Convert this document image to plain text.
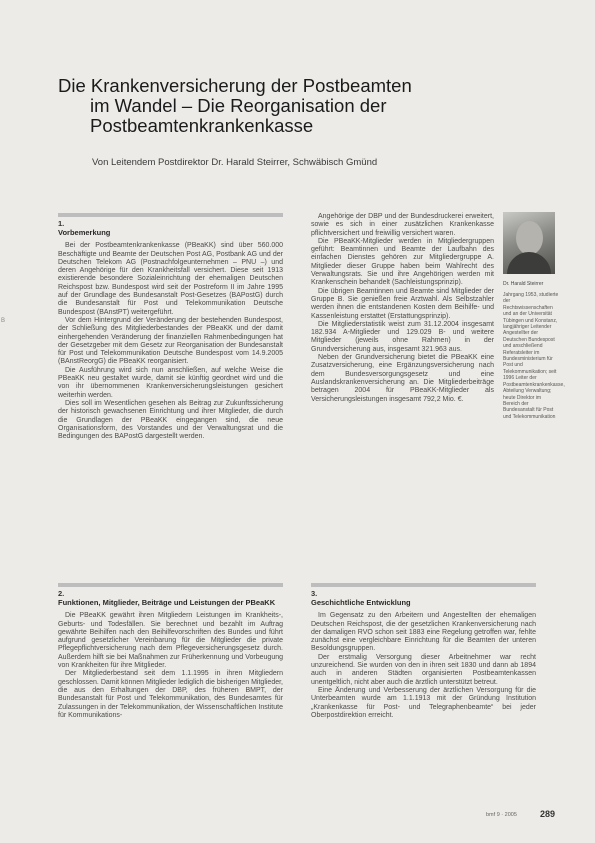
Die Krankenversicherung der Postbeamten
im Wandel – Die Reorganisation der
Postbeamtenkrankenkasse
Von Leitendem Postdirektor Dr. Harald Steirrer, Schwäbisch Gmünd
1.
Vorbemerkung

Bei der Postbeamtenkrankenkasse (PBeaKK) sind über 560.000 Beschäftigte und Beamte der Deutschen Post AG, Postbank AG und der Deutschen Telekom AG (Postnachfolgeunternehmen – PNU –) und deren Angehörige für den Krankheitsfall versichert. Diese seit 1913 existierende besondere Sozialeinrichtung der ehemaligen Deutschen Reichspost bzw. Bundespost wird seit der Postreform II im Jahre 1995 auf der Grundlage des Bundesanstalt Post-Gesetzes (BAPostG) durch die Bundesanstalt für Post und Telekommunikation Deutsche Bundespost (BAnstPT) weitergeführt.

Vor dem Hintergrund der Veränderung der bestehenden Bundespost, der Schließung des Mitgliederbestandes der PBeaKK und der damit einhergehenden Veränderung der finanziellen Rahmenbedingungen hat der Gesetzgeber mit dem Gesetz zur Reorganisation der Bundesanstalt für Post und Telekommunikation Deutsche Bundespost vom 14.9.2005 (BAnstReorgG) die PBeaKK reorganisiert.

Die Ausführung wird sich nun anschließen, auf welche Weise die PBeaKK neu gestaltet wurde, damit sie künftig geordnet wird und die von ihr übernommenen Krankenversicherungsleistungen gesichert weiterhin werden.

Dies soll im Wesentlichen gesehen als Beitrag zur Zukunftssicherung der historisch gewachsenen Einrichtung und ihrer Mitglieder, die durch die Grundlagen der PBeaKK eingegangen sind, die neue Organisationsform, des Vorstandes und der Verwaltungsrat und die Bedingungen des BAPostG dargestellt werden.

Angehörige der DBP und der Bundesdruckerei erweitert, sowie es sich in einer zusätzlichen Krankenkasse pflichtversichert und freiwillig versichert waren.

Die PBeaKK-Mitglieder werden in Mitgliedergruppen geführt: Beamtinnen und Beamte der Laufbahn des einfachen Dienstes gehören zur Mitgliedergruppe A. Mitglieder dieser Gruppe haben beim Wahlrecht des Verwaltungsrats. Sie und ihre Angehörigen werden mit Krankenschein behandelt (Sachleistungsprinzip).

Die übrigen Beamtinnen und Beamte sind Mitglieder der Gruppe B. Sie genießen freie Arztwahl. Als Selbstzahler werden ihnen die entstandenen Kosten dem Beihilfe- und Kassenleistung erstattet (Erstattungsprinzip).

Die Mitgliederstatistik weist zum 31.12.2004 insgesamt 182.934 A-Mitglieder und 129.029 B- und weitere Mitglieder (jeweils ohne Rahmen) in der Grundversicherung aus, insgesamt 321.963 aus.

Neben der Grundversicherung bietet die PBeaKK eine Zusatzversicherung, eine Ergänzungsversicherung nach dem Bundesversorgungsgesetz und eine Auslandskrankenversicherung an. Die Mitgliederbeiträge betragen 2004 für PBeaKK-Mitglieder als Versicherungsleistungen insgesamt 792,2 Mio. €.

Dr. Harald Steirrer
Jahrgang 1953, studierte der Rechtswissenschaften und an der Universität Tübingen und Konstanz, langjähriger Leitender Angestellter der Deutschen Bundespost und anschließend Referatsleiter im Bundesministerium für Post und Telekommunikation; seit 1996 Leiter der Postbeamtenkrankenkasse, Abteilung Verwaltung; heute Direktor im Bereich der Bundesanstalt für Post und Telekommunikation
2.
Funktionen, Mitglieder, Beiträge und Leistungen der PBeaKK

Die PBeaKK gewährt ihren Mitgliedern Leistungen im Krankheits-, Geburts- und Todesfällen. Sie berechnet und bezahlt im Auftrag gewährte Beihilfen nach den Beihilfevorschriften des Bundes und führt aufgrund gesetzlicher Vereinbarung für die Mitglieder die private Pflegepflichtversicherung nach dem Pflegeversicherungsgesetz durch. Außerdem hilft sie bei Maßnahmen zur Früherkennung und Vorbeugung von Krankheiten für ihre Mitglieder.

Der Mitgliederbestand seit dem 1.1.1995 in ihren Mitgliedern geschlossen. Damit können Mitglieder lediglich die bisherigen Mitglieder, die aus den Erhaltungen der DBP, des früheren BMPT, der Bundesanstalt für Post und Telekommunikation, des Bundesamtes für Zulassungen in der Telekommunikation, der Wissenschaftlichen Institute für Kommunikations-

3.
Geschichtliche Entwicklung

Im Gegensatz zu den Arbeitern und Angestellten der ehemaligen Deutschen Reichspost, die der gesetzlichen Krankenversicherung nach der damaligen RVO schon seit 1883 eine Regelung getroffen war, fehlte zunächst eine vergleichbare Einrichtung für die Beamten der unteren Besoldungsgruppen.

Der erstmalig Versorgung dieser Arbeitnehmer war recht unzureichend. Sie wurden von den in ihren seit 1830 und dann ab 1894 auch in anderen Städten organisierten Postbeamtenkassen unentgeltlich, nicht aber auch die ärztlich unterstützt betreut.

Eine Änderung und Verbesserung der ärztlichen Versorgung für die Unterbeamten wurde am 1.1.1913 mit der Gründung Institution „Krankenkasse für Post- und Telegraphenbeamte“ bei jeder Oberpostdirektion erreicht.

B
bmf 9 · 2005	289
